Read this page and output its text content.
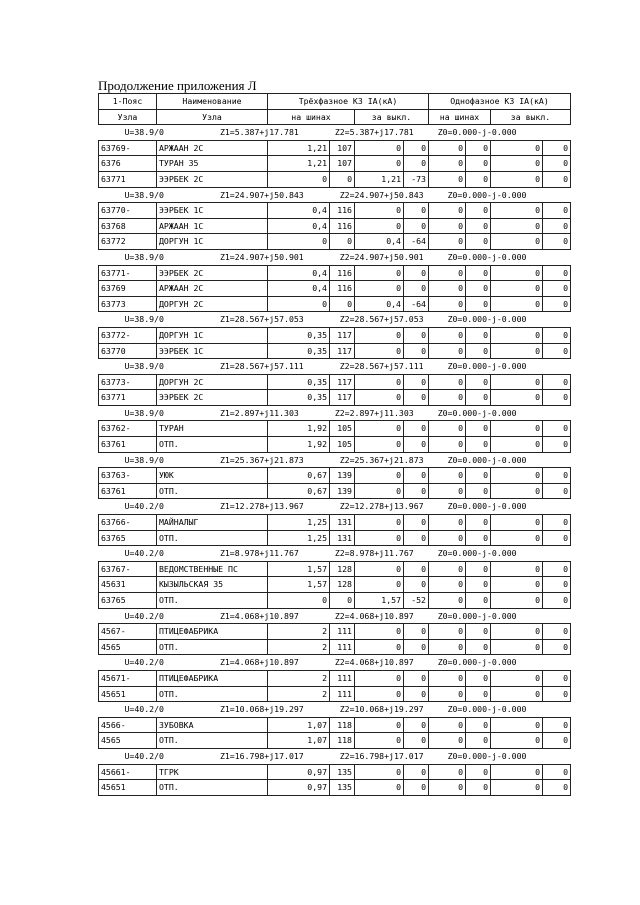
Продолжение приложения Л
1-Пояс	Наименование	Трёхфазное КЗ IA(кА)				Однофазное КЗ IA(кА)			
Узла	Узла	на шинах		за выкл.		на шинах		за выкл.	
U=38.9/0 Z1=5.387+j17.781 Z2=5.387+j17.781 Z0=0.000-j-0.000									
63769-	АРЖААН 2С	1,21	107	0	0	0	0	0	0
6376	ТУРАН 35	1,21	107	0	0	0	0	0	0
63771	ЭЭРБЕК 2С	0	0	1,21	-73	0	0	0	0
U=38.9/0 Z1=24.907+j50.843 Z2=24.907+j50.843 Z0=0.000-j-0.000									
63770-	ЭЭРБЕК 1С	0,4	116	0	0	0	0	0	0
63768	АРЖААН 1С	0,4	116	0	0	0	0	0	0
63772	ДОРГУН 1С	0	0	0,4	-64	0	0	0	0
U=38.9/0 Z1=24.907+j50.901 Z2=24.907+j50.901 Z0=0.000-j-0.000									
63771-	ЭЭРБЕК 2С	0,4	116	0	0	0	0	0	0
63769	АРЖААН 2С	0,4	116	0	0	0	0	0	0
63773	ДОРГУН 2С	0	0	0,4	-64	0	0	0	0
U=38.9/0 Z1=28.567+j57.053 Z2=28.567+j57.053 Z0=0.000-j-0.000									
63772-	ДОРГУН 1С	0,35	117	0	0	0	0	0	0
63770	ЭЭРБЕК 1С	0,35	117	0	0	0	0	0	0
U=38.9/0 Z1=28.567+j57.111 Z2=28.567+j57.111 Z0=0.000-j-0.000									
63773-	ДОРГУН 2С	0,35	117	0	0	0	0	0	0
63771	ЭЭРБЕК 2С	0,35	117	0	0	0	0	0	0
U=38.9/0 Z1=2.897+j11.303 Z2=2.897+j11.303 Z0=0.000-j-0.000									
63762-	ТУРАН	1,92	105	0	0	0	0	0	0
63761	ОТП.	1,92	105	0	0	0	0	0	0
U=38.9/0 Z1=25.367+j21.873 Z2=25.367+j21.873 Z0=0.000-j-0.000									
63763-	УЮК	0,67	139	0	0	0	0	0	0
63761	ОТП.	0,67	139	0	0	0	0	0	0
U=40.2/0 Z1=12.278+j13.967 Z2=12.278+j13.967 Z0=0.000-j-0.000									
63766-	МАЙНАЛЫГ	1,25	131	0	0	0	0	0	0
63765	ОТП.	1,25	131	0	0	0	0	0	0
U=40.2/0 Z1=8.978+j11.767 Z2=8.978+j11.767 Z0=0.000-j-0.000									
63767-	ВЕДОМСТВЕННЫЕ ПС	1,57	128	0	0	0	0	0	0
45631	КЫЗЫЛЬСКАЯ 35	1,57	128	0	0	0	0	0	0
63765	ОТП.	0	0	1,57	-52	0	0	0	0
U=40.2/0 Z1=4.068+j10.897 Z2=4.068+j10.897 Z0=0.000-j-0.000									
4567-	ПТИЦЕФАБРИКА	2	111	0	0	0	0	0	0
4565	ОТП.	2	111	0	0	0	0	0	0
U=40.2/0 Z1=4.068+j10.897 Z2=4.068+j10.897 Z0=0.000-j-0.000									
45671-	ПТИЦЕФАБРИКА	2	111	0	0	0	0	0	0
45651	ОТП.	2	111	0	0	0	0	0	0
U=40.2/0 Z1=10.068+j19.297 Z2=10.068+j19.297 Z0=0.000-j-0.000									
4566-	ЗУБОВКА	1,07	118	0	0	0	0	0	0
4565	ОТП.	1,07	118	0	0	0	0	0	0
U=40.2/0 Z1=16.798+j17.017 Z2=16.798+j17.017 Z0=0.000-j-0.000									
45661-	ТГРК	0,97	135	0	0	0	0	0	0
45651	ОТП.	0,97	135	0	0	0	0	0	0
